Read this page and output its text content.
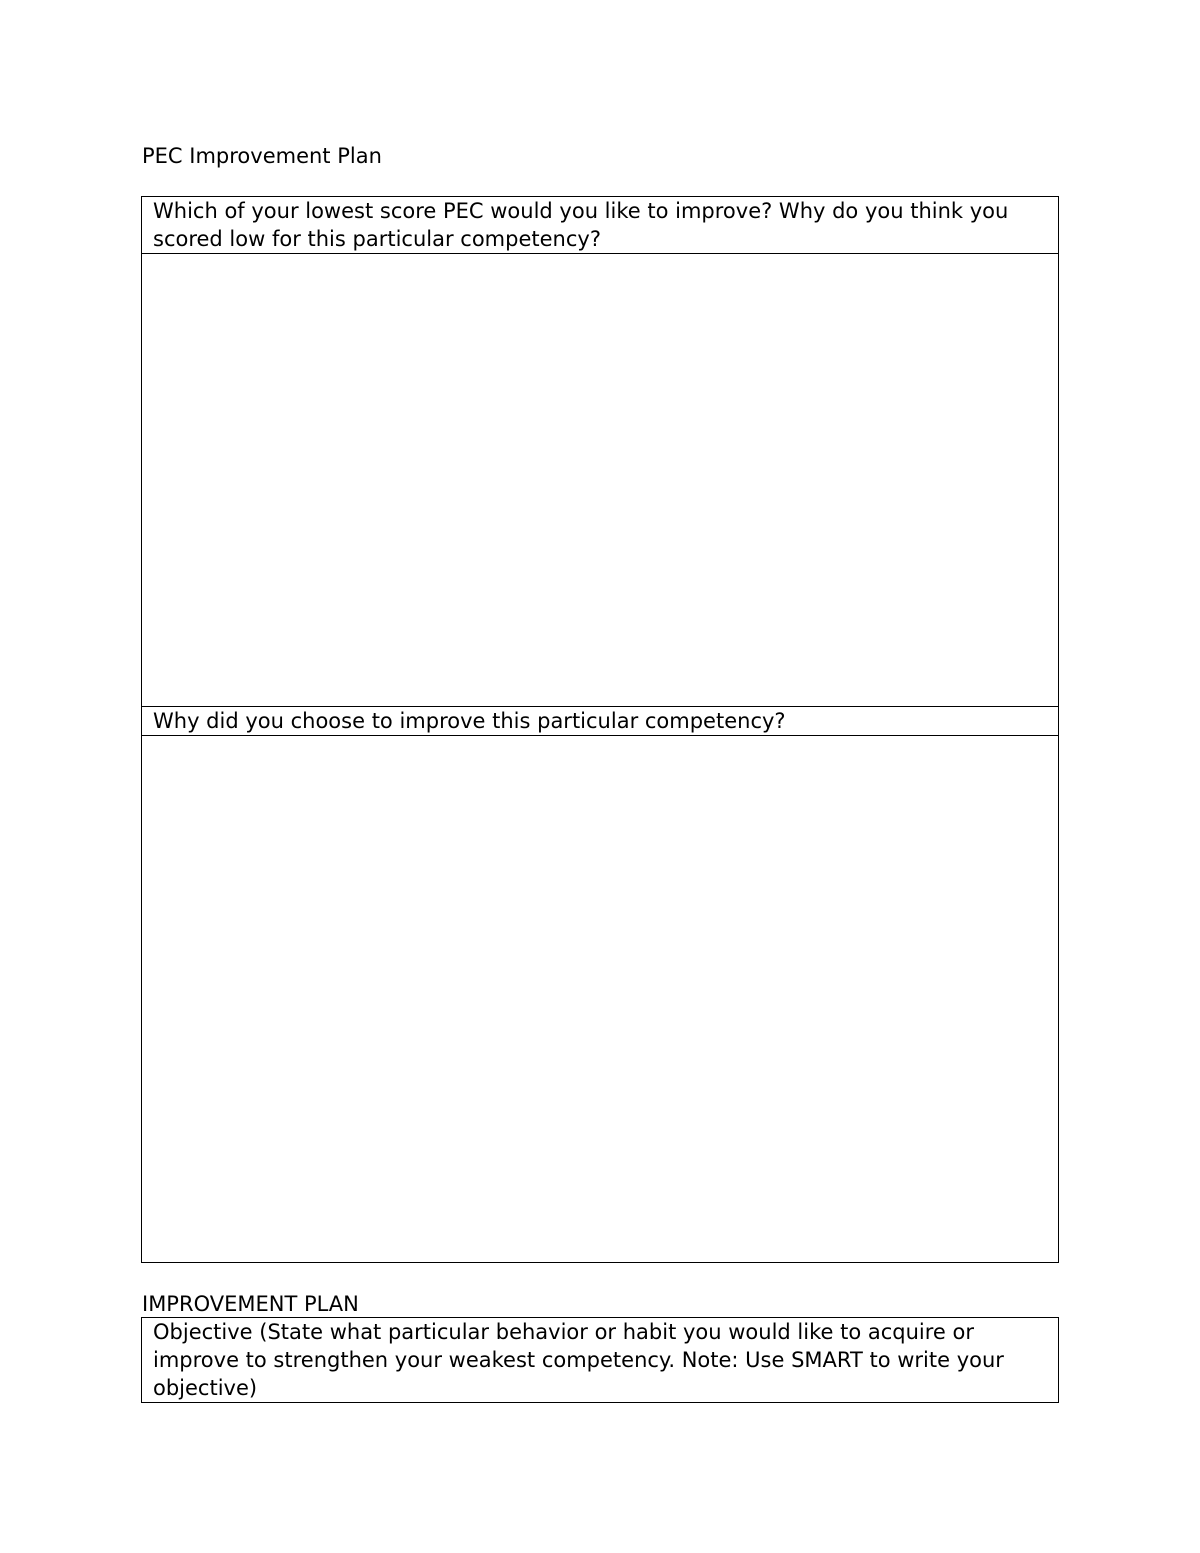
PEC Improvement Plan
Which of your lowest score PEC would you like to improve? Why do you think you scored low for this particular competency?

Why did you choose to improve this particular competency?

IMPROVEMENT PLAN
Objective (State what particular behavior or habit you would like to acquire or improve to strengthen your weakest competency. Note: Use SMART to write your objective)
